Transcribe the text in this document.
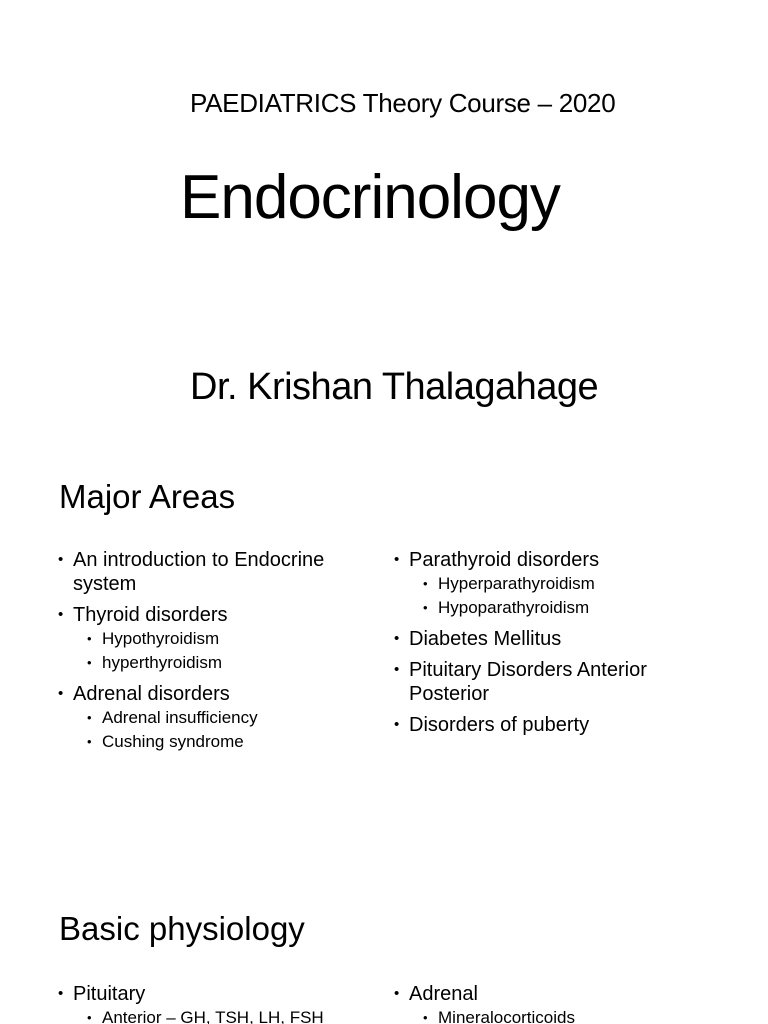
PAEDIATRICS Theory Course – 2020
Endocrinology
Dr. Krishan Thalagahage
Major Areas
• An introduction to Endocrine system
• Thyroid disorders
• Hypothyroidism
• hyperthyroidism
• Adrenal disorders
• Adrenal insufficiency
• Cushing syndrome
• Parathyroid disorders
• Hyperparathyroidism
• Hypoparathyroidism
• Diabetes Mellitus
• Pituitary Disorders Anterior Posterior
• Disorders of puberty
Basic physiology
• Pituitary
• Anterior – GH, TSH, LH, FSH
• Adrenal
• Mineralocorticoids
